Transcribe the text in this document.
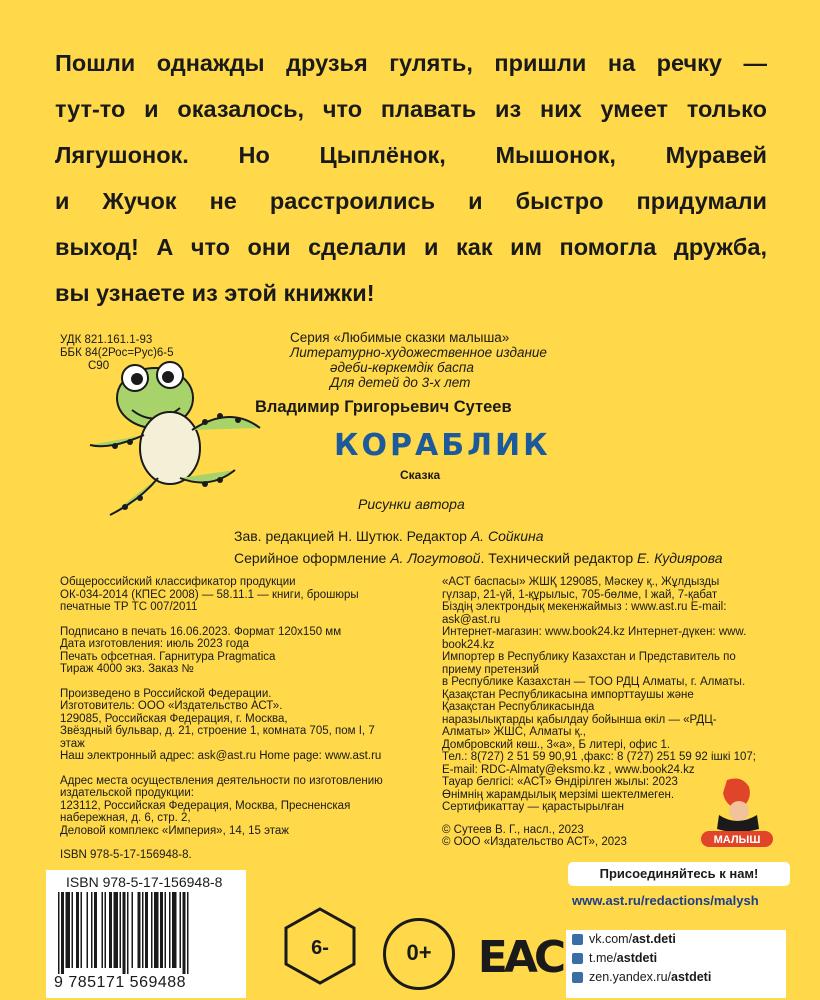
Пошли однажды друзья гулять, пришли на речку —
тут-то и оказалось, что плавать из них умеет только
Лягушонок. Но Цыплёнок, Мышонок, Муравей
и Жучок не расстроились и быстро придумали
выход! А что они сделали и как им помогла дружба,
вы узнаете из этой книжки!
УДК 821.161.1-93
ББК 84(2Рос=Рус)6-5
С90
Серия «Любимые сказки малыша»
Литературно-художественное издание
әдеби-көркемдік баспа
Для детей до 3-х лет
Владимир Григорьевич Сутеев
КОРАБЛИК
Сказка
Рисунки автора
Зав. редакцией Н. Шутюк. Редактор А. Сойкина
Серийное оформление А. Логутовой. Технический редактор Е. Кудиярова

Общероссийский классификатор продукции
ОК-034-2014 (КПЕС 2008) — 58.11.1 — книги, брошюры
печатные ТР ТС 007/2011

Подписано в печать 16.06.2023. Формат 120х150 мм
Дата изготовления: июль 2023 года
Печать офсетная. Гарнитура Pragmatica
Тираж 4000 экз. Заказ №

Произведено в Российской Федерации.
Изготовитель: ООО «Издательство АСТ».
129085, Российская Федерация, г. Москва,
Звёздный бульвар, д. 21, строение 1, комната 705, пом I, 7 этаж
Наш электронный адрес: ask@ast.ru Home page: www.ast.ru

Адрес места осуществления деятельности по изготовлению
издательской продукции:
123112, Российская Федерация, Москва, Пресненская
набережная, д. 6, стр. 2,
Деловой комплекс «Империя», 14, 15 этаж

ISBN 978-5-17-156948-8.

«АСТ баспасы» ЖШҚ 129085, Мәскеу қ., Жұлдызды
гүлзар, 21-үй, 1-құрылыс, 705-бөлме, I жай, 7-қабат
Біздің электрондық мекенжаймыз : www.ast.ru E-mail:
ask@ast.ru
Интернет-магазин: www.book24.kz Интернет-дүкен: www.
book24.kz
Импортер в Республику Казахстан и Представитель по
приему претензий
в Республике Казахстан — ТОО РДЦ Алматы, г. Алматы.
Қазақстан Республикасына импорттаушы және
Қазақстан Республикасында
наразылықтарды қабылдау бойынша өкіл — «РДЦ-
Алматы» ЖШС, Алматы қ.,
Домбровский көш., 3«а», Б литері, офис 1.
Тел.: 8(727) 2 51 59 90,91 ,факс: 8 (727) 251 59 92 ішкі 107;
E-mail: RDC-Almaty@eksmo.kz , www.book24.kz
Тауар белгісі: «АСТ» Өндірілген жылы: 2023
Өнімнің жарамдылық мерзімі шектелмеген.
Сертификаттау — қарастырылған

© Сутеев В. Г., насл., 2023
© ООО «Издательство АСТ», 2023	МАЛЫШ
ISBN 978-5-17-156948-8
9 785171 569488
6-	0+	EAC
Присоединяйтесь к нам!
www.ast.ru/redactions/malysh
vk.com/ast.deti
t.me/astdeti
zen.yandex.ru/astdeti
